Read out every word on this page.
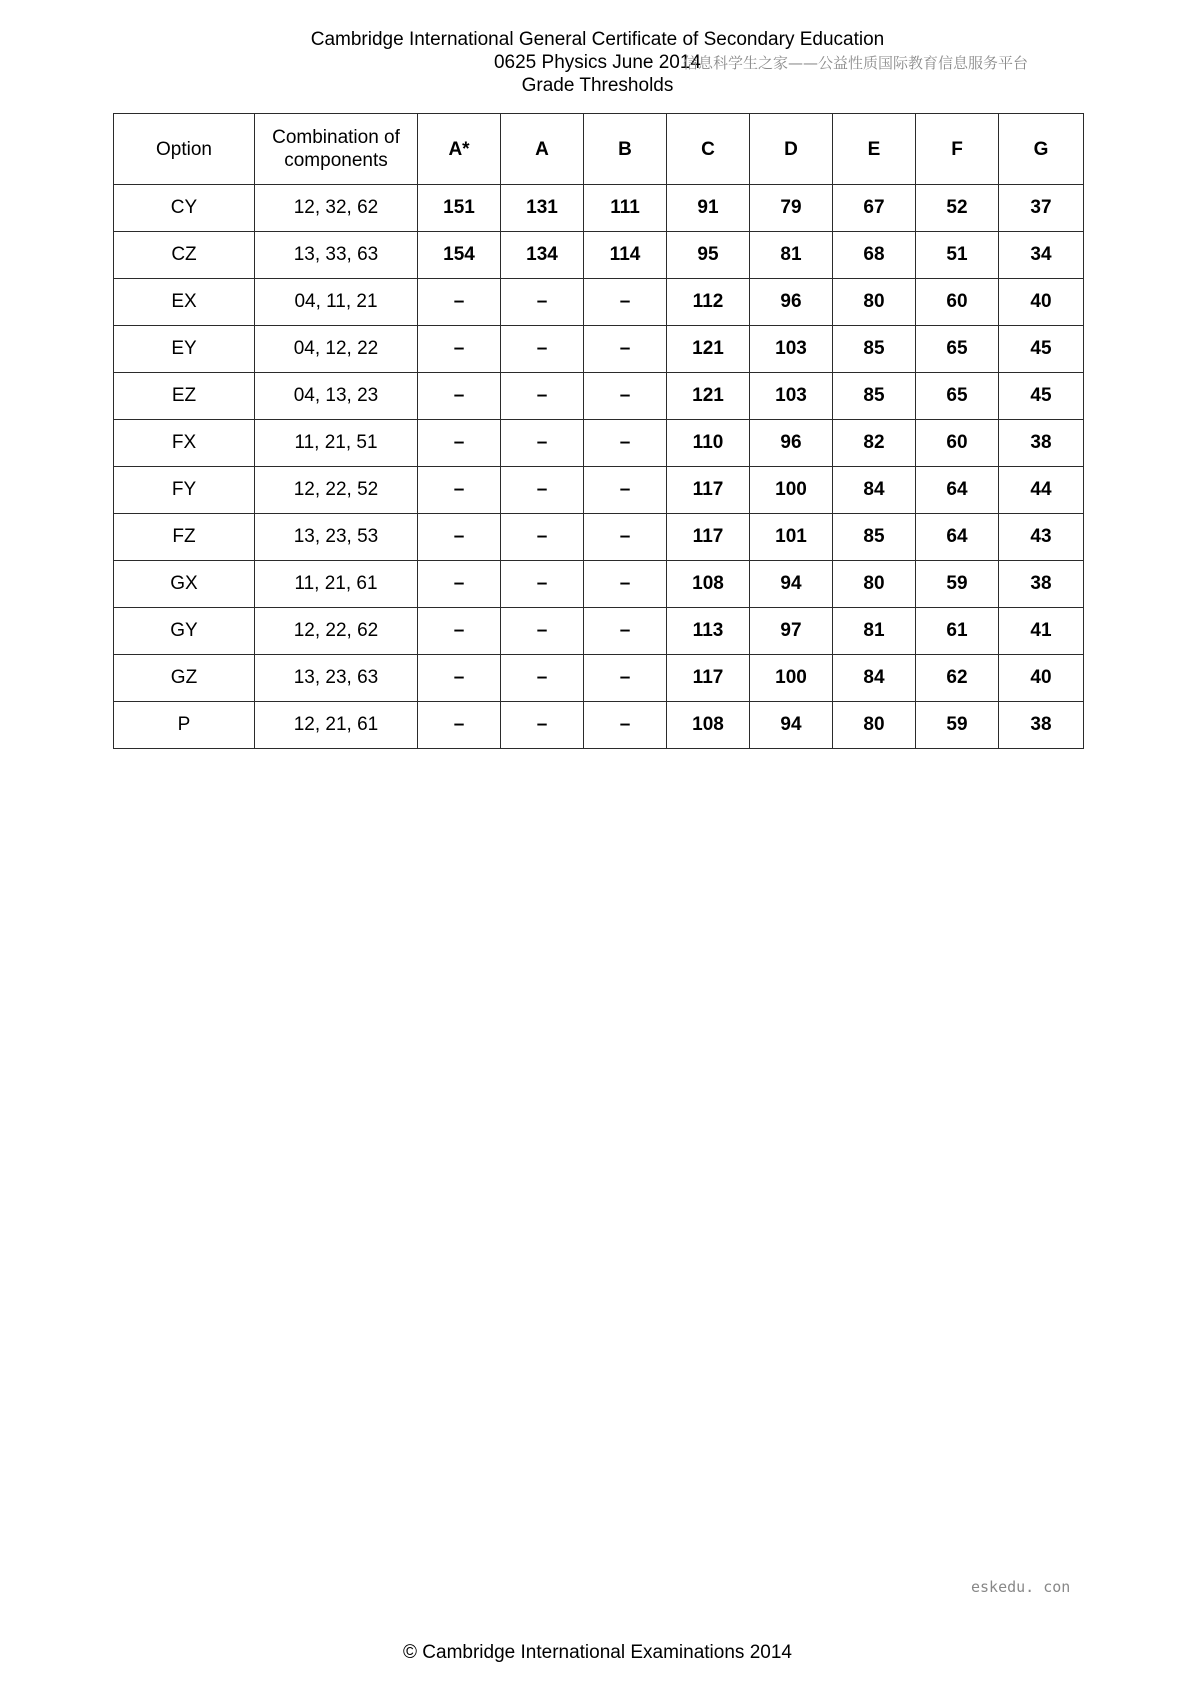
Cambridge International General Certificate of Secondary Education
0625 Physics June 2014
Grade Thresholds
信息科学生之家——公益性质国际教育信息服务平台
Option	Combination of components	A*	A	B	C	D	E	F	G
CY	12, 32, 62	151	131	111	91	79	67	52	37
CZ	13, 33, 63	154	134	114	95	81	68	51	34
EX	04, 11, 21	–	–	–	112	96	80	60	40
EY	04, 12, 22	–	–	–	121	103	85	65	45
EZ	04, 13, 23	–	–	–	121	103	85	65	45
FX	11, 21, 51	–	–	–	110	96	82	60	38
FY	12, 22, 52	–	–	–	117	100	84	64	44
FZ	13, 23, 53	–	–	–	117	101	85	64	43
GX	11, 21, 61	–	–	–	108	94	80	59	38
GY	12, 22, 62	–	–	–	113	97	81	61	41
GZ	13, 23, 63	–	–	–	117	100	84	62	40
P	12, 21, 61	–	–	–	108	94	80	59	38
eskedu. con
© Cambridge International Examinations 2014
